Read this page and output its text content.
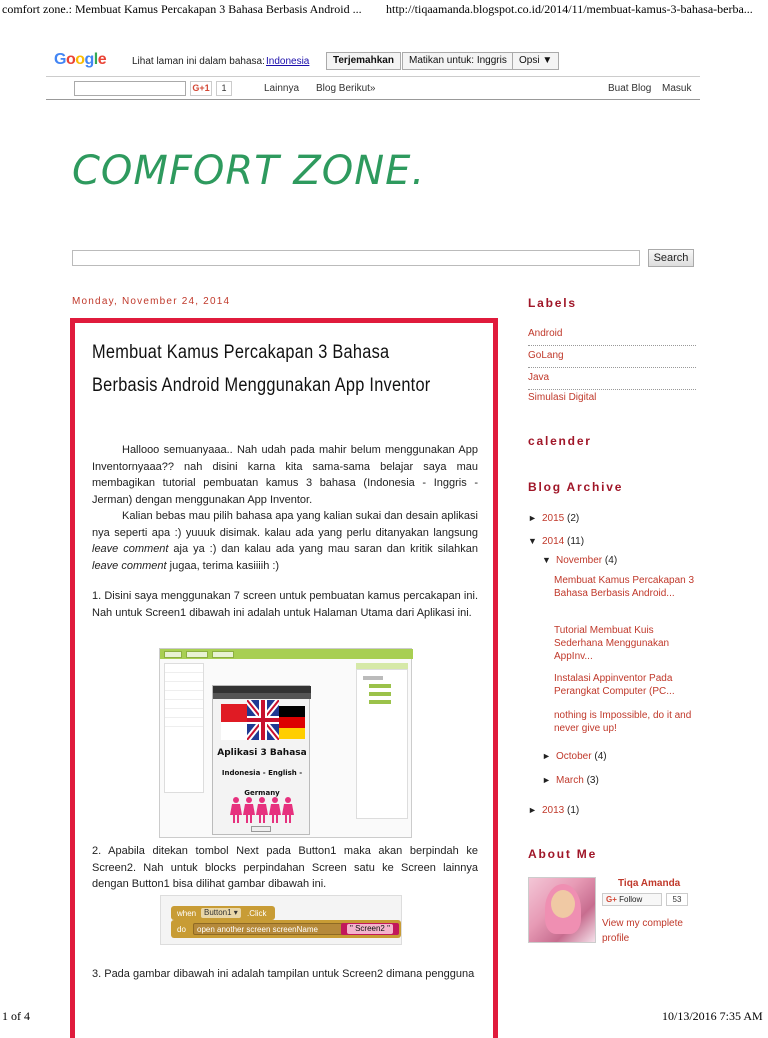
comfort zone.: Membuat Kamus Percakapan 3 Bahasa Berbasis Android ... http://tiqaamanda.blogspot.co.id/2014/11/membuat-kamus-3-bahasa-berba...
1 of 4	10/13/2016 7:35 AM
Google	Lihat laman ini dalam bahasa: Indonesia	Terjemahkan	Matikan untuk: Inggris	Opsi ▼
G+1	1	Lainnya Blog Berikut»	Buat Blog Masuk
COMFORT ZONE.
Search
Monday, November 24, 2014
Membuat Kamus Percakapan 3 Bahasa Berbasis Android Menggunakan App Inventor

Hallooo semuanyaaa.. Nah udah pada mahir belum menggunakan App Inventornyaaa?? nah disini karna kita sama-sama belajar saya mau membagikan tutorial pembuatan kamus 3 bahasa (Indonesia - Inggris - Jerman) dengan menggunakan App Inventor.

Kalian bebas mau pilih bahasa apa yang kalian sukai dan desain aplikasi nya seperti apa :) yuuuk disimak. kalau ada yang perlu ditanyakan langsung leave comment aja ya :) dan kalau ada yang mau saran dan kritik silahkan leave comment jugaa, terima kasiiiih :)

1. Disini saya menggunakan 7 screen untuk pembuatan kamus percakapan ini. Nah untuk Screen1 dibawah ini adalah untuk Halaman Utama dari Aplikasi ini.

Aplikasi 3 Bahasa
Indonesia - English - Germany

2. Apabila ditekan tombol Next pada Button1 maka akan berpindah ke Screen2. Nah untuk blocks perpindahan Screen satu ke Screen lainnya dengan Button1 bisa dilihat gambar dibawah ini.

when Button1 ▾	.Click
do open another screen screenName	" Screen2 "

3. Pada gambar dibawah ini adalah tampilan untuk Screen2 dimana pengguna

Labels
Android
GoLang
Java
Simulasi Digital
calender
Blog Archive
► 2015 (2)
▼ 2014 (11)
▼ November (4)
Membuat Kamus Percakapan 3 Bahasa Berbasis Android...
Tutorial Membuat Kuis Sederhana Menggunakan AppInv...
Instalasi Appinventor Pada Perangkat Computer (PC...
nothing is Impossible, do it and never give up!
► October (4)
► March (3)
► 2013 (1)
About Me
Tiqa Amanda
G+ Follow	53
View my complete profile
